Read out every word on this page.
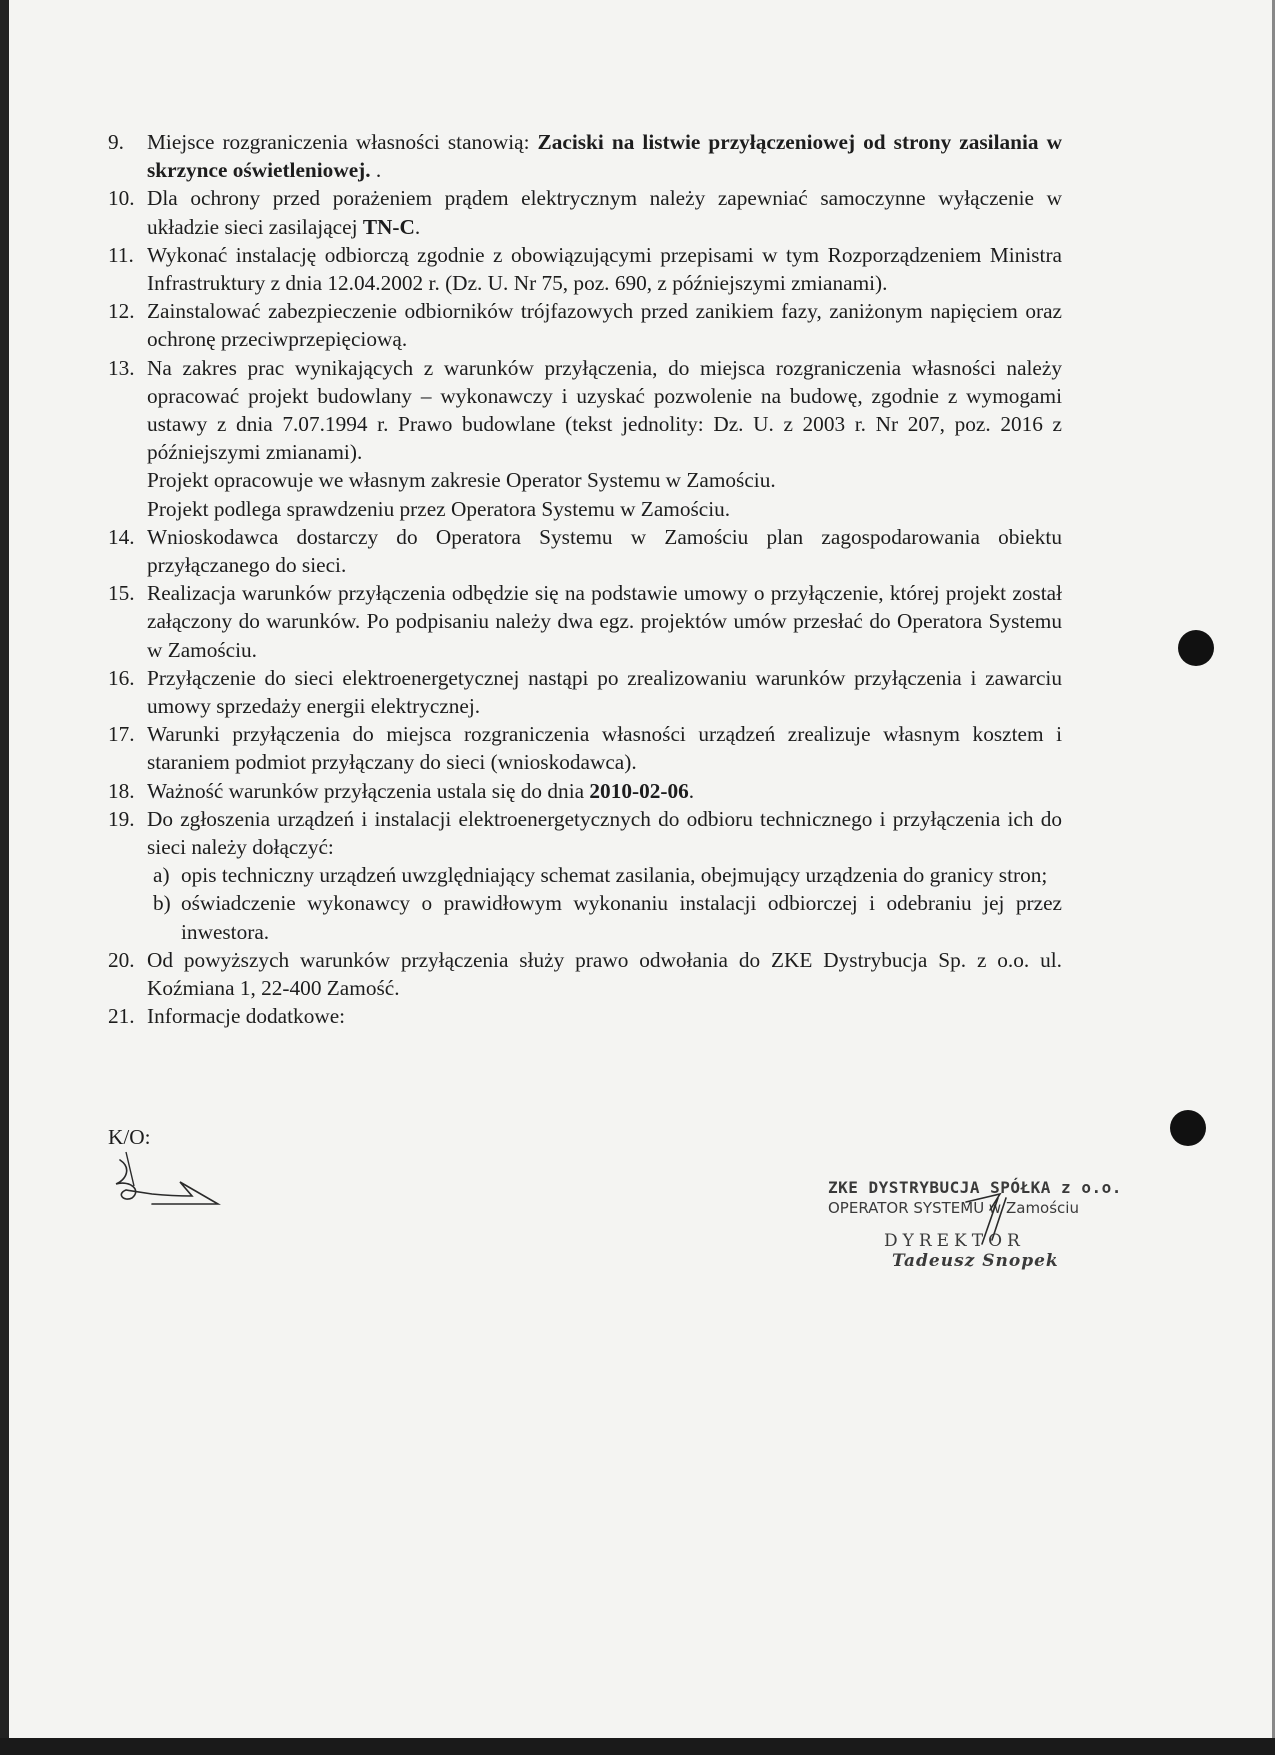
9. Miejsce rozgraniczenia własności stanowią: Zaciski na listwie przyłączeniowej od strony zasilania w skrzynce oświetleniowej. .
10. Dla ochrony przed porażeniem prądem elektrycznym należy zapewniać samoczynne wyłączenie w układzie sieci zasilającej TN-C.
11. Wykonać instalację odbiorczą zgodnie z obowiązującymi przepisami w tym Rozporządzeniem Ministra Infrastruktury z dnia 12.04.2002 r. (Dz. U. Nr 75, poz. 690, z późniejszymi zmianami).
12. Zainstalować zabezpieczenie odbiorników trójfazowych przed zanikiem fazy, zaniżonym napięciem oraz ochronę przeciwprzepięciową.
13. Na zakres prac wynikających z warunków przyłączenia, do miejsca rozgraniczenia własności należy opracować projekt budowlany – wykonawczy i uzyskać pozwolenie na budowę, zgodnie z wymogami ustawy z dnia 7.07.1994 r. Prawo budowlane (tekst jednolity: Dz. U. z 2003 r. Nr 207, poz. 2016 z późniejszymi zmianami).
Projekt opracowuje we własnym zakresie Operator Systemu w Zamościu.
Projekt podlega sprawdzeniu przez Operatora Systemu w Zamościu.
14. Wnioskodawca dostarczy do Operatora Systemu w Zamościu plan zagospodarowania obiektu przyłączanego do sieci.
15. Realizacja warunków przyłączenia odbędzie się na podstawie umowy o przyłączenie, której projekt został załączony do warunków. Po podpisaniu należy dwa egz. projektów umów przesłać do Operatora Systemu w Zamościu.
16. Przyłączenie do sieci elektroenergetycznej nastąpi po zrealizowaniu warunków przyłączenia i zawarciu umowy sprzedaży energii elektrycznej.
17. Warunki przyłączenia do miejsca rozgraniczenia własności urządzeń zrealizuje własnym kosztem i staraniem podmiot przyłączany do sieci (wnioskodawca).
18. Ważność warunków przyłączenia ustala się do dnia 2010-02-06.
19. Do zgłoszenia urządzeń i instalacji elektroenergetycznych do odbioru technicznego i przyłączenia ich do sieci należy dołączyć:
a) opis techniczny urządzeń uwzględniający schemat zasilania, obejmujący urządzenia do granicy stron;
b) oświadczenie wykonawcy o prawidłowym wykonaniu instalacji odbiorczej i odebraniu jej przez inwestora.
20. Od powyższych warunków przyłączenia służy prawo odwołania do ZKE Dystrybucja Sp. z o.o. ul. Koźmiana 1, 22-400 Zamość.
21. Informacje dodatkowe:
K/O:
ZKE DYSTRYBUCJA SPÓŁKA z o.o.
OPERATOR SYSTEMU w Zamościu
DYREKTOR
Tadeusz Snopek
